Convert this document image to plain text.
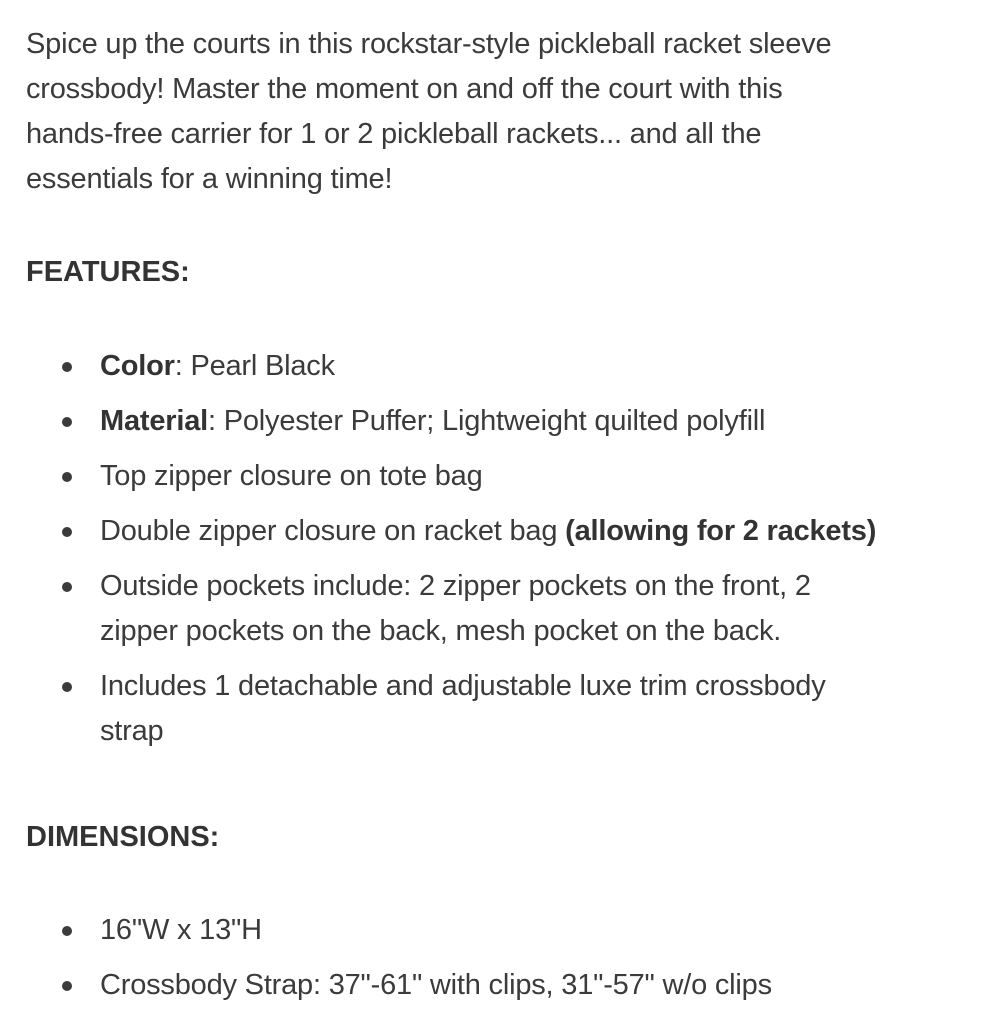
Spice up the courts in this rockstar-style pickleball racket sleeve
crossbody! Master the moment on and off the court with this
hands-free carrier for 1 or 2 pickleball rackets... and all the
essentials for a winning time!

FEATURES:
Color: Pearl Black
Material: Polyester Puffer; Lightweight quilted polyfill
Top zipper closure on tote bag
Double zipper closure on racket bag (allowing for 2 rackets)
Outside pockets include: 2 zipper pockets on the front, 2
zipper pockets on the back, mesh pocket on the back.
Includes 1 detachable and adjustable luxe trim crossbody
strap
DIMENSIONS:
16"W x 13"H
Crossbody Strap: 37"-61" with clips, 31"-57" w/o clips
